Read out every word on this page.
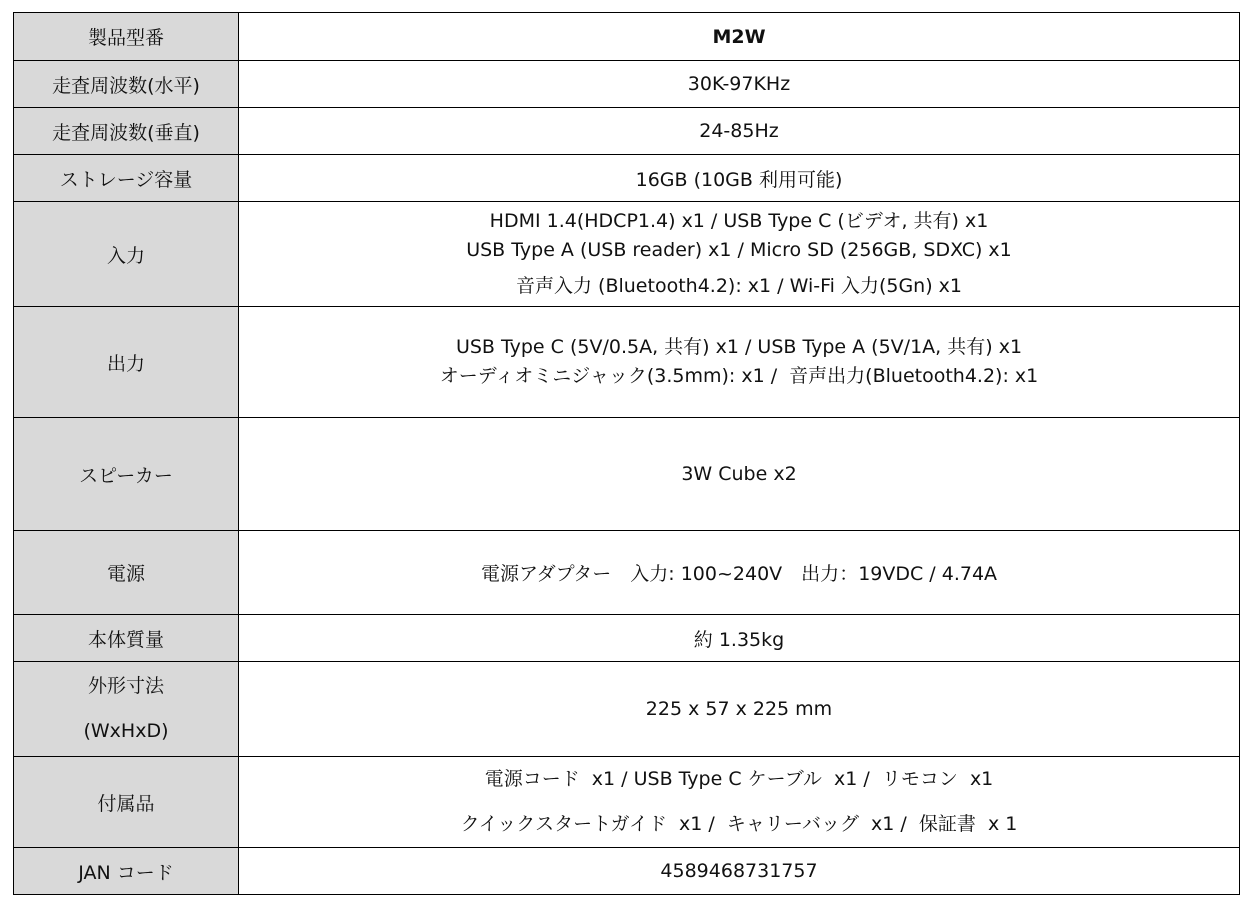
製品型番	M2W
走査周波数(水平)	30K-97KHz
走査周波数(垂直)	24-85Hz
ストレージ容量	16GB (10GB 利用可能)
入力	HDMI 1.4(HDCP1.4) x1 / USB Type C (ビデオ, 共有) x1
USB Type A (USB reader) x1 / Micro SD (256GB, SDXC) x1
音声入力 (Bluetooth4.2): x1 / Wi-Fi 入力(5Gn) x1

出力	USB Type C (5V/0.5A, 共有) x1 / USB Type A (5V/1A, 共有) x1
オーディオミニジャック(3.5mm): x1 /  音声出力(Bluetooth4.2): x1

スピーカー	3W Cube x2
電源	電源アダプター　入力: 100~240V　出力：19VDC / 4.74A
本体質量	約 1.35kg

外形寸法
(WxHxD)	225 x 57 x 225 mm
付属品	電源コード  x1 / USB Type C ケーブル  x1 /  リモコン  x1
クイックスタートガイド  x1 /  キャリーバッグ  x1 /  保証書  x 1

JAN コード	4589468731757
